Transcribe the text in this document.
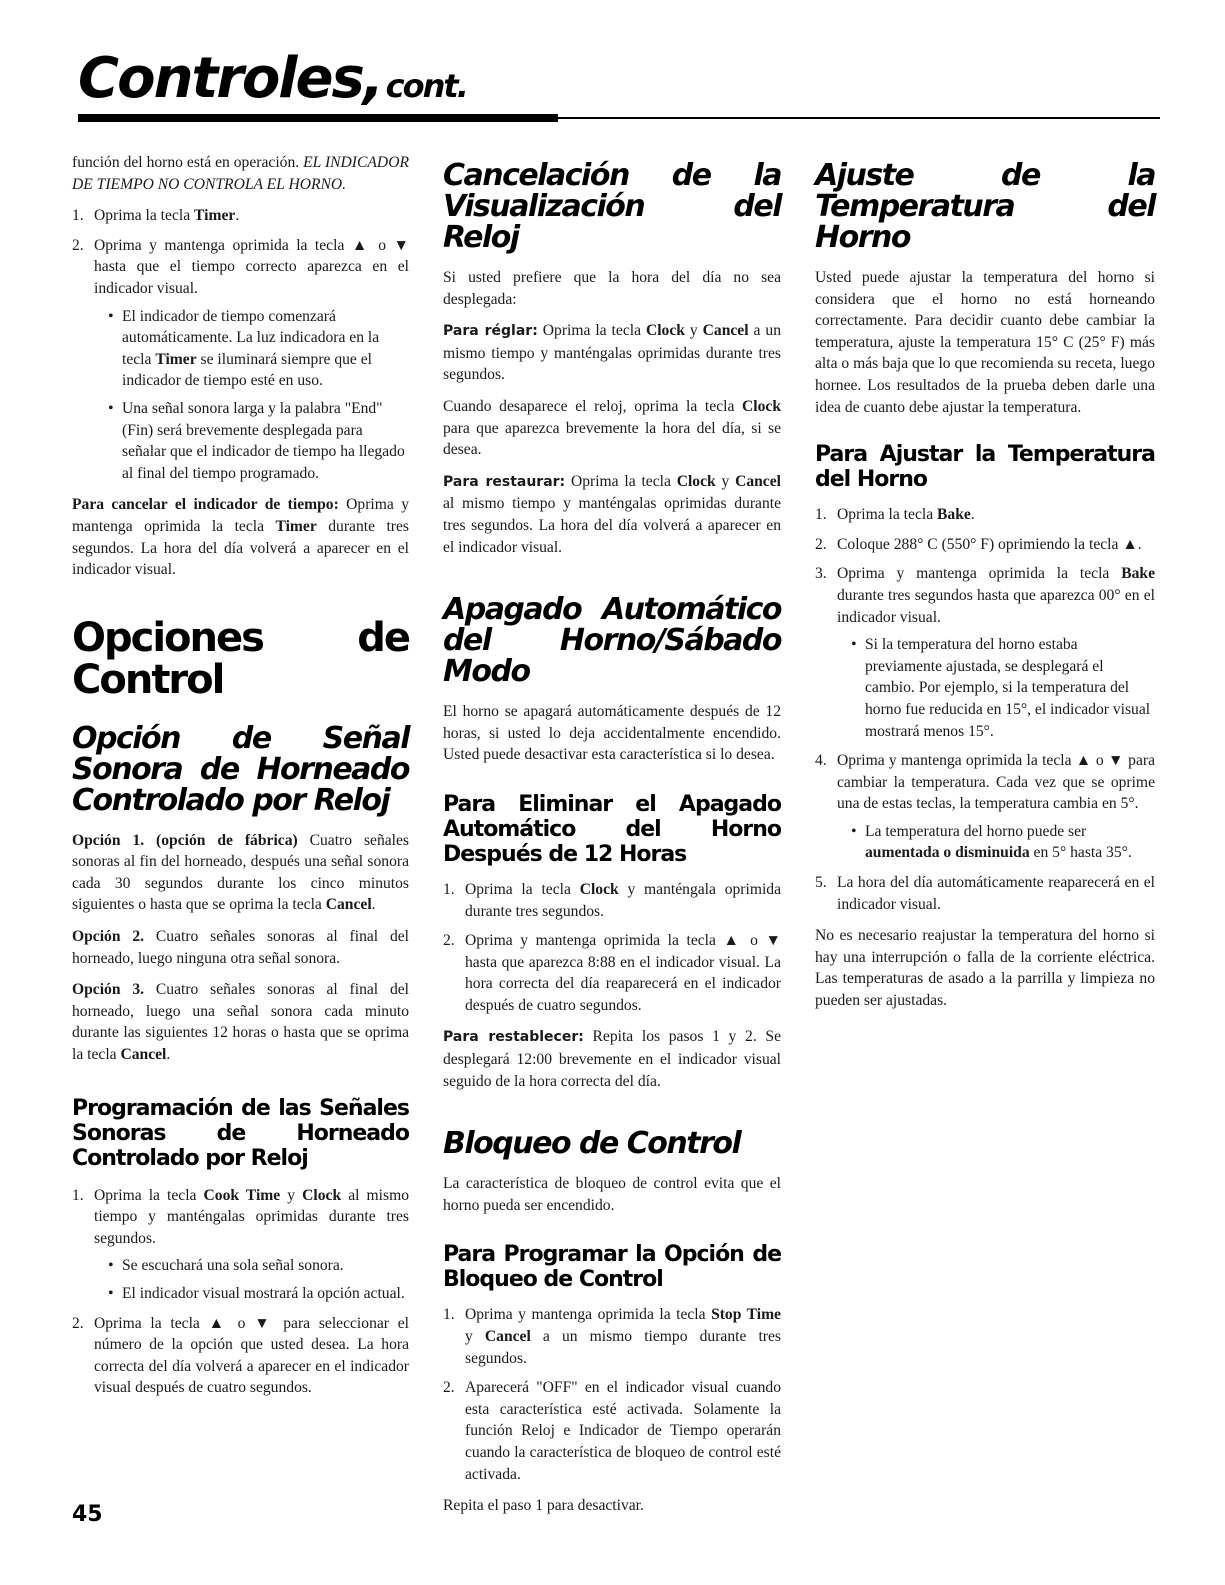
Controles, cont.

función del horno está en operación. EL INDICADOR DE TIEMPO NO CONTROLA EL HORNO.

1. Oprima la tecla Timer.
2. Oprima y mantenga oprimida la tecla ▲ o ▼ hasta que el tiempo correcto aparezca en el indicador visual.
• El indicador de tiempo comenzará automáticamente. La luz indicadora en la tecla Timer se iluminará siempre que el indicador de tiempo esté en uso.
• Una señal sonora larga y la palabra "End" (Fin) será brevemente desplegada para señalar que el indicador de tiempo ha llegado al final del tiempo programado.

Para cancelar el indicador de tiempo: Oprima y mantenga oprimida la tecla Timer durante tres segundos. La hora del día volverá a aparecer en el indicador visual.

Opciones de Control
Opción de Señal Sonora de Horneado Controlado por Reloj

Opción 1. (opción de fábrica) Cuatro señales sonoras al fin del horneado, después una señal sonora cada 30 segundos durante los cinco minutos siguientes o hasta que se oprima la tecla Cancel.

Opción 2. Cuatro señales sonoras al final del horneado, luego ninguna otra señal sonora.

Opción 3. Cuatro señales sonoras al final del horneado, luego una señal sonora cada minuto durante las siguientes 12 horas o hasta que se oprima la tecla Cancel.

Programación de las Señales Sonoras de Horneado Controlado por Reloj
1. Oprima la tecla Cook Time y Clock al mismo tiempo y manténgalas oprimidas durante tres segundos.
• Se escuchará una sola señal sonora.
• El indicador visual mostrará la opción actual.
2. Oprima la tecla ▲ o ▼ para seleccionar el número de la opción que usted desea. La hora correcta del día volverá a aparecer en el indicador visual después de cuatro segundos.
Cancelación de la Visualización del Reloj

Si usted prefiere que la hora del día no sea desplegada:

Para réglar: Oprima la tecla Clock y Cancel a un mismo tiempo y manténgalas oprimidas durante tres segundos.

Cuando desaparece el reloj, oprima la tecla Clock para que aparezca brevemente la hora del día, si se desea.

Para restaurar: Oprima la tecla Clock y Cancel al mismo tiempo y manténgalas oprimidas durante tres segundos. La hora del día volverá a aparecer en el indicador visual.

Apagado Automático del Horno/Sábado Modo

El horno se apagará automáticamente después de 12 horas, si usted lo deja accidentalmente encendido. Usted puede desactivar esta característica si lo desea.

Para Eliminar el Apagado Automático del Horno Después de 12 Horas
1. Oprima la tecla Clock y manténgala oprimida durante tres segundos.
2. Oprima y mantenga oprimida la tecla ▲ o ▼ hasta que aparezca 8:88 en el indicador visual. La hora correcta del día reaparecerá en el indicador después de cuatro segundos.

Para restablecer: Repita los pasos 1 y 2. Se desplegará 12:00 brevemente en el indicador visual seguido de la hora correcta del día.

Bloqueo de Control

La característica de bloqueo de control evita que el horno pueda ser encendido.

Para Programar la Opción de Bloqueo de Control
1. Oprima y mantenga oprimida la tecla Stop Time y Cancel a un mismo tiempo durante tres segundos.
2. Aparecerá "OFF" en el indicador visual cuando esta característica esté activada. Solamente la función Reloj e Indicador de Tiempo operarán cuando la característica de bloqueo de control esté activada.

Repita el paso 1 para desactivar.

Ajuste de la Temperatura del Horno

Usted puede ajustar la temperatura del horno si considera que el horno no está horneando correctamente. Para decidir cuanto debe cambiar la temperatura, ajuste la temperatura 15° C (25° F) más alta o más baja que lo que recomienda su receta, luego hornee. Los resultados de la prueba deben darle una idea de cuanto debe ajustar la temperatura.

Para Ajustar la Temperatura del Horno
1. Oprima la tecla Bake.
2. Coloque 288° C (550° F) oprimiendo la tecla ▲.
3. Oprima y mantenga oprimida la tecla Bake durante tres segundos hasta que aparezca 00° en el indicador visual.
• Si la temperatura del horno estaba previamente ajustada, se desplegará el cambio. Por ejemplo, si la temperatura del horno fue reducida en 15°, el indicador visual mostrará menos 15°.
4. Oprima y mantenga oprimida la tecla ▲ o ▼ para cambiar la temperatura. Cada vez que se oprime una de estas teclas, la temperatura cambia en 5°.
• La temperatura del horno puede ser aumentada o disminuida en 5° hasta 35°.
5. La hora del día automáticamente reaparecerá en el indicador visual.

No es necesario reajustar la temperatura del horno si hay una interrupción o falla de la corriente eléctrica. Las temperaturas de asado a la parrilla y limpieza no pueden ser ajustadas.

45
